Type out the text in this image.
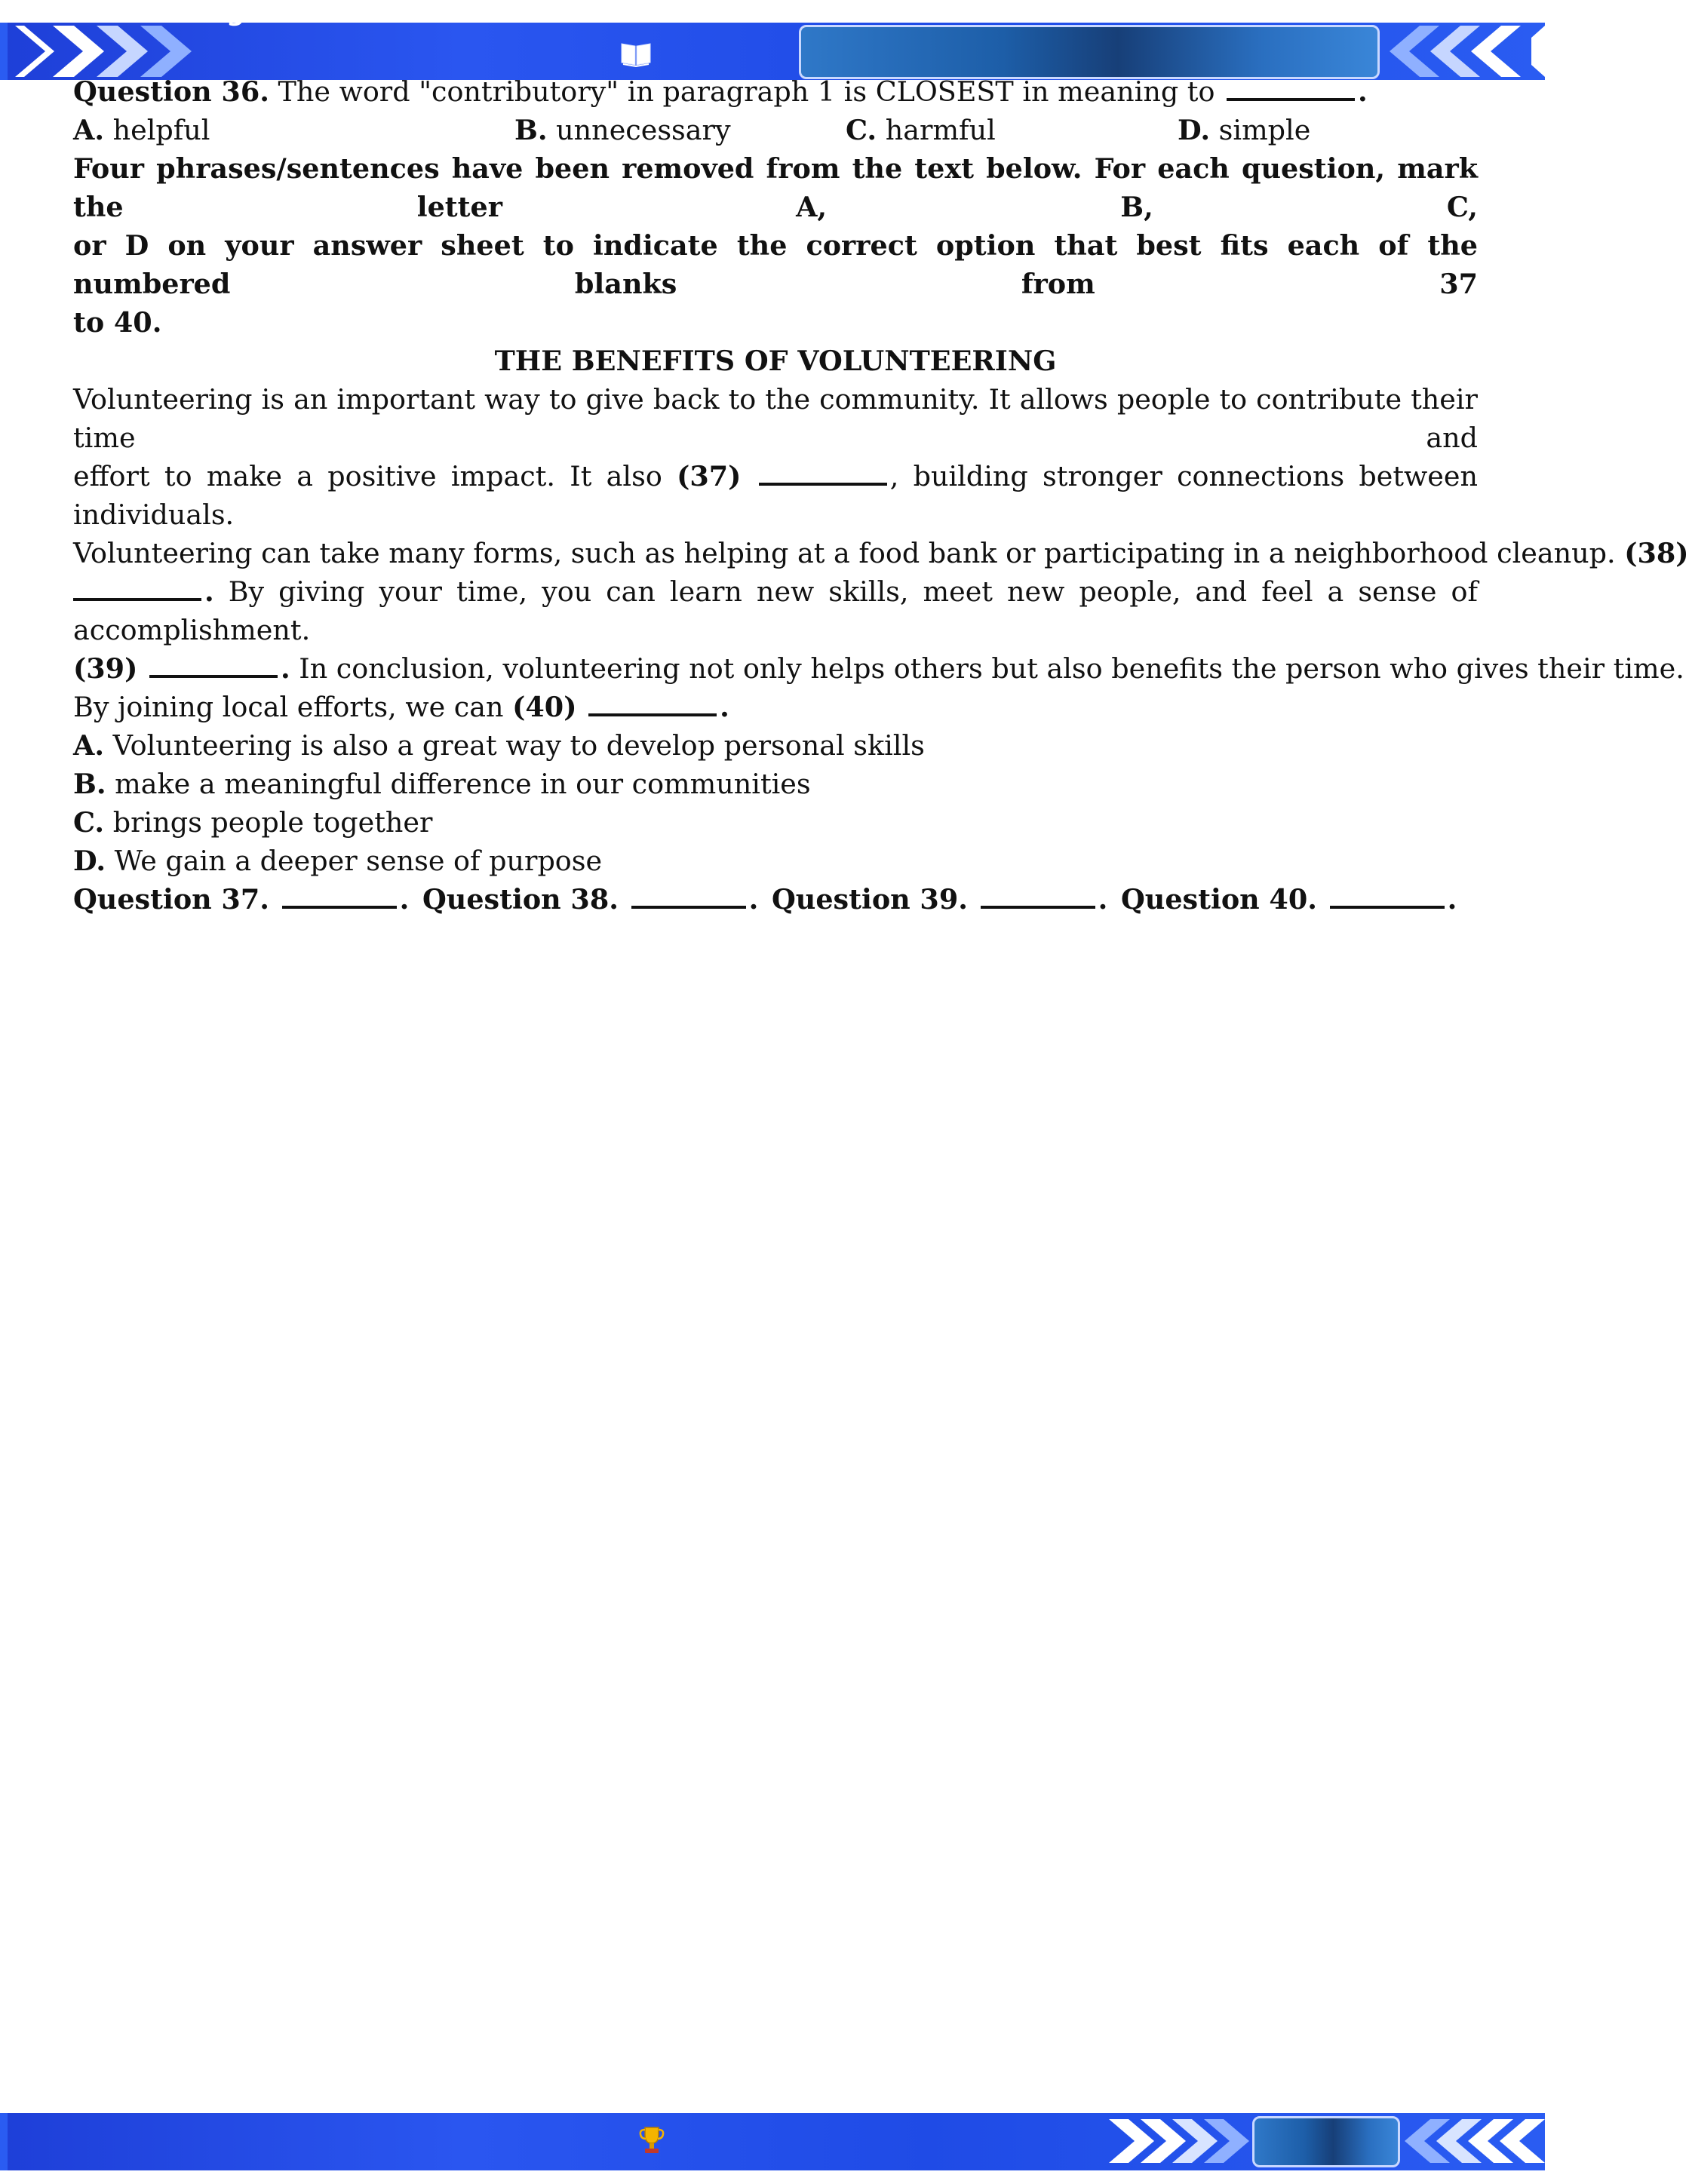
g .
Question 36. The word "contributory" in paragraph 1 is CLOSEST in meaning to	.
A. helpful	B. unnecessary	C. harmful	D. simple
Four phrases/sentences have been removed from the text below. For each question, mark the letter A, B, C,
or D on your answer sheet to indicate the correct option that best fits each of the numbered blanks from 37
to 40.
THE BENEFITS OF VOLUNTEERING
Volunteering is an important way to give back to the community. It allows people to contribute their time and
effort to make a positive impact. It also (37)	, building stronger connections between individuals.
Volunteering can take many forms, such as helping at a food bank or participating in a neighborhood cleanup. (38)
. By giving your time, you can learn new skills, meet new people, and feel a sense of accomplishment.
(39)	. In conclusion, volunteering not only helps others but also benefits the person who gives their time.
By joining local efforts, we can (40)	.
A. Volunteering is also a great way to develop personal skills
B. make a meaningful difference in our communities
C. brings people together
D. We gain a deeper sense of purpose
Question 37.	. Question 38.	. Question 39.	. Question 40.	.
